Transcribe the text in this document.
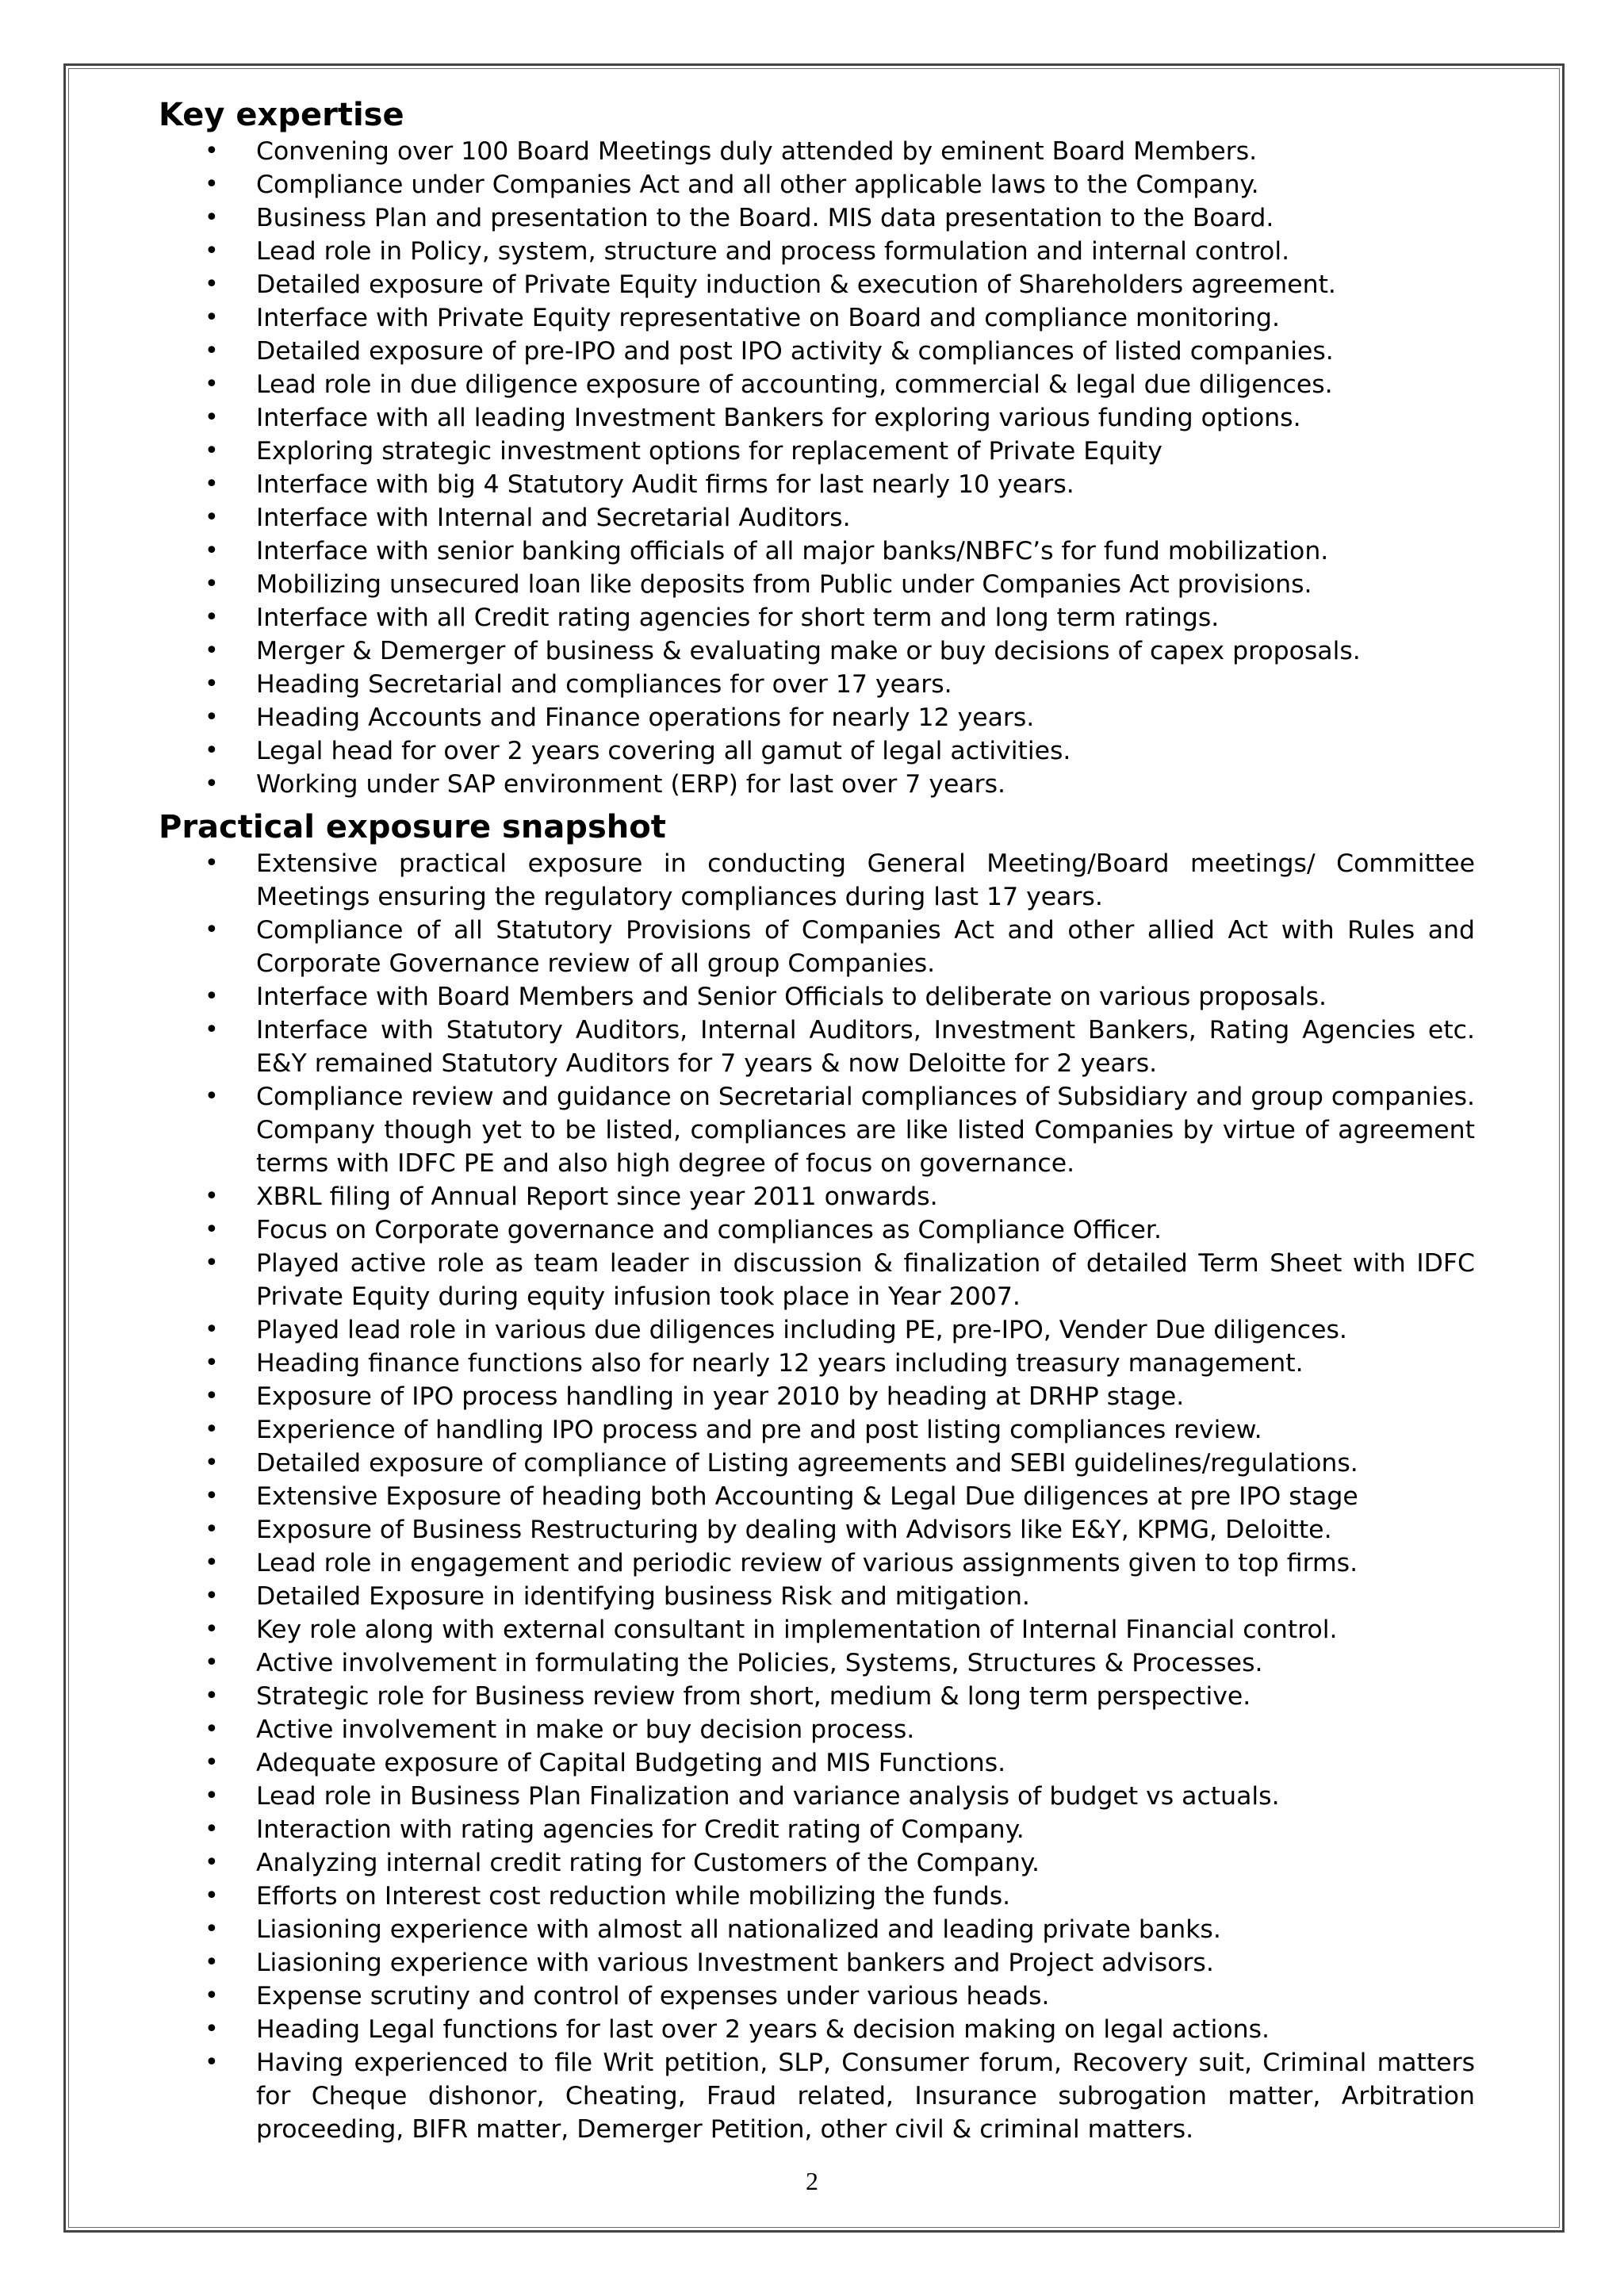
Key expertise
• Convening over 100 Board Meetings duly attended by eminent Board Members.
• Compliance under Companies Act and all other applicable laws to the Company.
• Business Plan and presentation to the Board. MIS data presentation to the Board.
• Lead role in Policy, system, structure and process formulation and internal control.
• Detailed exposure of Private Equity induction & execution of Shareholders agreement.
• Interface with Private Equity representative on Board and compliance monitoring.
• Detailed exposure of pre-IPO and post IPO activity & compliances of listed companies.
• Lead role in due diligence exposure of accounting, commercial & legal due diligences.
• Interface with all leading Investment Bankers for exploring various funding options.
• Exploring strategic investment options for replacement of Private Equity
• Interface with big 4 Statutory Audit firms for last nearly 10 years.
• Interface with Internal and Secretarial Auditors.
• Interface with senior banking officials of all major banks/NBFC’s for fund mobilization.
• Mobilizing unsecured loan like deposits from Public under Companies Act provisions.
• Interface with all Credit rating agencies for short term and long term ratings.
• Merger & Demerger of business & evaluating make or buy decisions of capex proposals.
• Heading Secretarial and compliances for over 17 years.
• Heading Accounts and Finance operations for nearly 12 years.
• Legal head for over 2 years covering all gamut of legal activities.
• Working under SAP environment (ERP) for last over 7 years.
Practical exposure snapshot
• Extensive practical exposure in conducting General Meeting/Board meetings/ Committee Meetings ensuring the regulatory compliances during last 17 years.
• Compliance of all Statutory Provisions of Companies Act and other allied Act with Rules and Corporate Governance review of all group Companies.
• Interface with Board Members and Senior Officials to deliberate on various proposals.
• Interface with Statutory Auditors, Internal Auditors, Investment Bankers, Rating Agencies etc. E&Y remained Statutory Auditors for 7 years & now Deloitte for 2 years.
• Compliance review and guidance on Secretarial compliances of Subsidiary and group companies. Company though yet to be listed, compliances are like listed Companies by virtue of agreement terms with IDFC PE and also high degree of focus on governance.
• XBRL filing of Annual Report since year 2011 onwards.
• Focus on Corporate governance and compliances as Compliance Officer.
• Played active role as team leader in discussion & finalization of detailed Term Sheet with IDFC Private Equity during equity infusion took place in Year 2007.
• Played lead role in various due diligences including PE, pre-IPO, Vender Due diligences.
• Heading finance functions also for nearly 12 years including treasury management.
• Exposure of IPO process handling in year 2010 by heading at DRHP stage.
• Experience of handling IPO process and pre and post listing compliances review.
• Detailed exposure of compliance of Listing agreements and SEBI guidelines/regulations.
• Extensive Exposure of heading both Accounting & Legal Due diligences at pre IPO stage
• Exposure of Business Restructuring by dealing with Advisors like E&Y, KPMG, Deloitte.
• Lead role in engagement and periodic review of various assignments given to top firms.
• Detailed Exposure in identifying business Risk and mitigation.
• Key role along with external consultant in implementation of Internal Financial control.
• Active involvement in formulating the Policies, Systems, Structures & Processes.
• Strategic role for Business review from short, medium & long term perspective.
• Active involvement in make or buy decision process.
• Adequate exposure of Capital Budgeting and MIS Functions.
• Lead role in Business Plan Finalization and variance analysis of budget vs actuals.
• Interaction with rating agencies for Credit rating of Company.
• Analyzing internal credit rating for Customers of the Company.
• Efforts on Interest cost reduction while mobilizing the funds.
• Liasioning experience with almost all nationalized and leading private banks.
• Liasioning experience with various Investment bankers and Project advisors.
• Expense scrutiny and control of expenses under various heads.
• Heading Legal functions for last over 2 years & decision making on legal actions.
• Having experienced to file Writ petition, SLP, Consumer forum, Recovery suit, Criminal matters for Cheque dishonor, Cheating, Fraud related, Insurance subrogation matter, Arbitration proceeding, BIFR matter, Demerger Petition, other civil & criminal matters.
2
